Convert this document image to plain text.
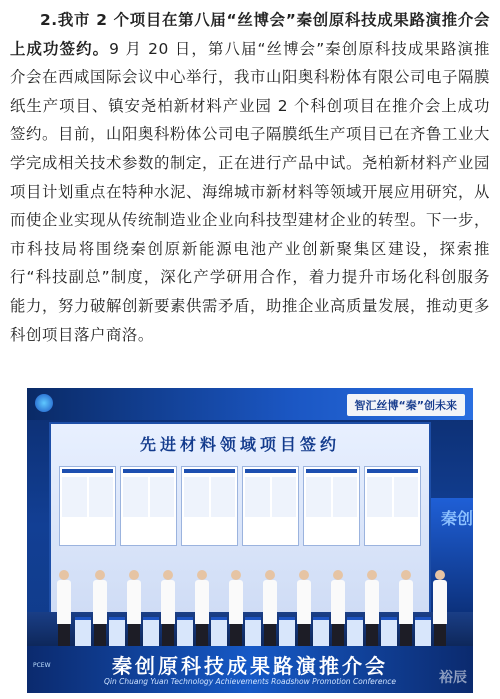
2.我市 2 个项目在第八届“丝博会”秦创原科技成果路演推介会上成功签约。9 月 20 日，第八届“丝博会”秦创原科技成果路演推介会在西咸国际会议中心举行，我市山阳奥科粉体有限公司电子隔膜纸生产项目、镇安尧柏新材料产业园 2 个科创项目在推介会上成功签约。目前，山阳奥科粉体公司电子隔膜纸生产项目已在齐鲁工业大学完成相关技术参数的制定，正在进行产品中试。尧柏新材料产业园项目计划重点在特种水泥、海绵城市新材料等领域开展应用研究，从而使企业实现从传统制造业企业向科技型建材企业的转型。下一步，市科技局将围绕秦创原新能源电池产业创新聚集区建设，探索推行“科技副总”制度，深化产学研用合作，着力提升市场化科创服务能力，努力破解创新要素供需矛盾，助推企业高质量发展，推动更多科创项目落户商洛。
智汇丝博“秦”创未来
先进材料领域项目签约
秦创
秦创原科技成果路演推介会
Qin Chuang Yuan Technology Achievements Roadshow Promotion Conference
PCEW
裕辰
